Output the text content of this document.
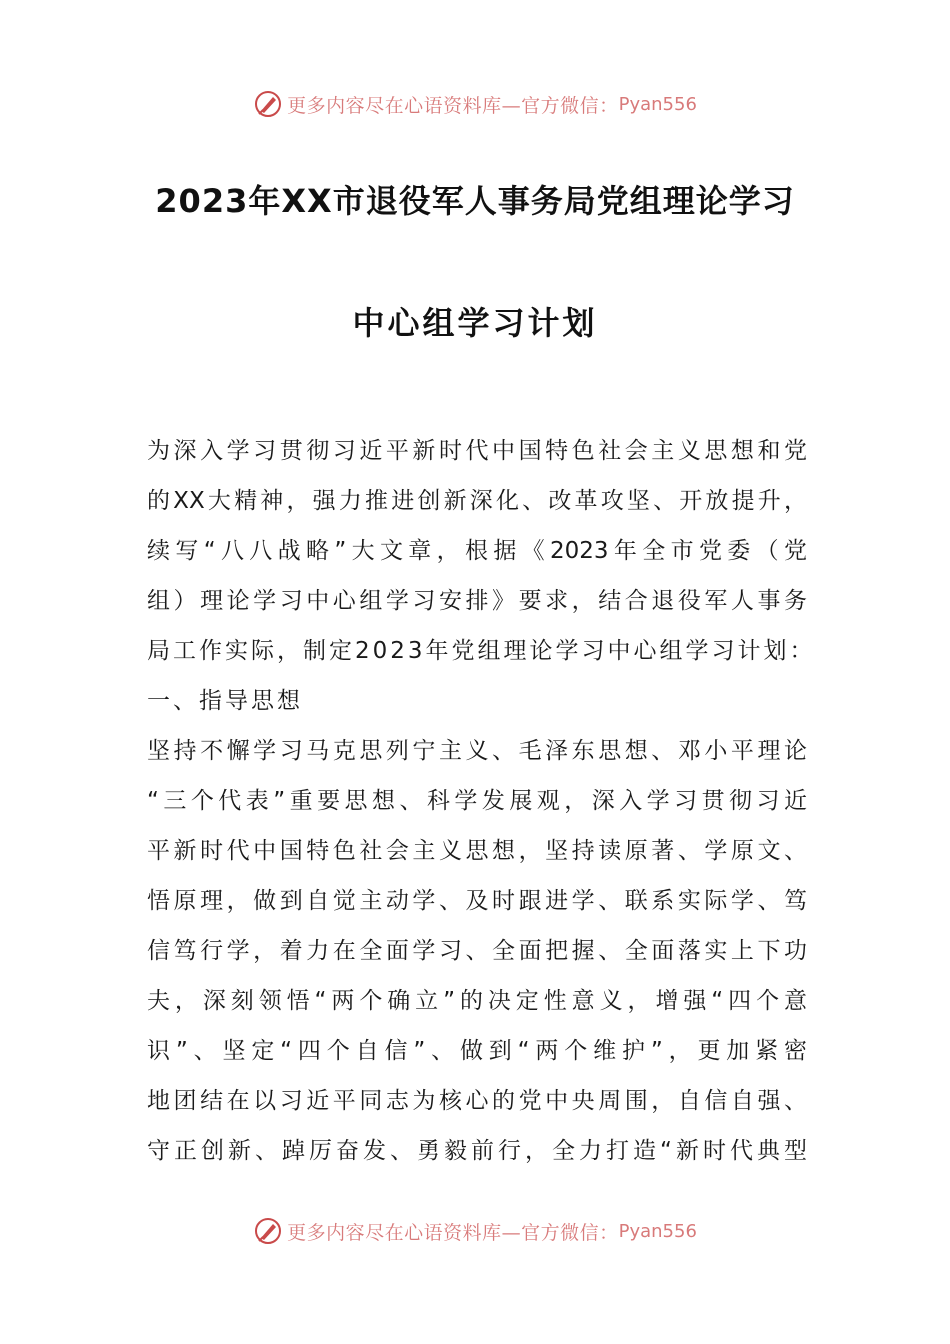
更多内容尽在心语资料库—官方微信： Pyan556
2023年XX市退役军人事务局党组理论学习
中心组学习计划
为深入学习贯彻习近平新时代中国特色社会主义思想和党
的XX大精神，强力推进创新深化、改革攻坚、开放提升，
续写“八八战略”大文章，根据《2023年全市党委（党
组）理论学习中心组学习安排》要求，结合退役军人事务
局工作实际，制定2023年党组理论学习中心组学习计划：
一、指导思想
坚持不懈学习马克思列宁主义、毛泽东思想、邓小平理论
“三个代表”重要思想、科学发展观，深入学习贯彻习近
平新时代中国特色社会主义思想，坚持读原著、学原文、
悟原理，做到自觉主动学、及时跟进学、联系实际学、笃
信笃行学，着力在全面学习、全面把握、全面落实上下功
夫，深刻领悟“两个确立”的决定性意义，增强“四个意
识”、坚定“四个自信”、做到“两个维护”，更加紧密
地团结在以习近平同志为核心的党中央周围，自信自强、
守正创新、踔厉奋发、勇毅前行，全力打造“新时代典型
更多内容尽在心语资料库—官方微信： Pyan556
